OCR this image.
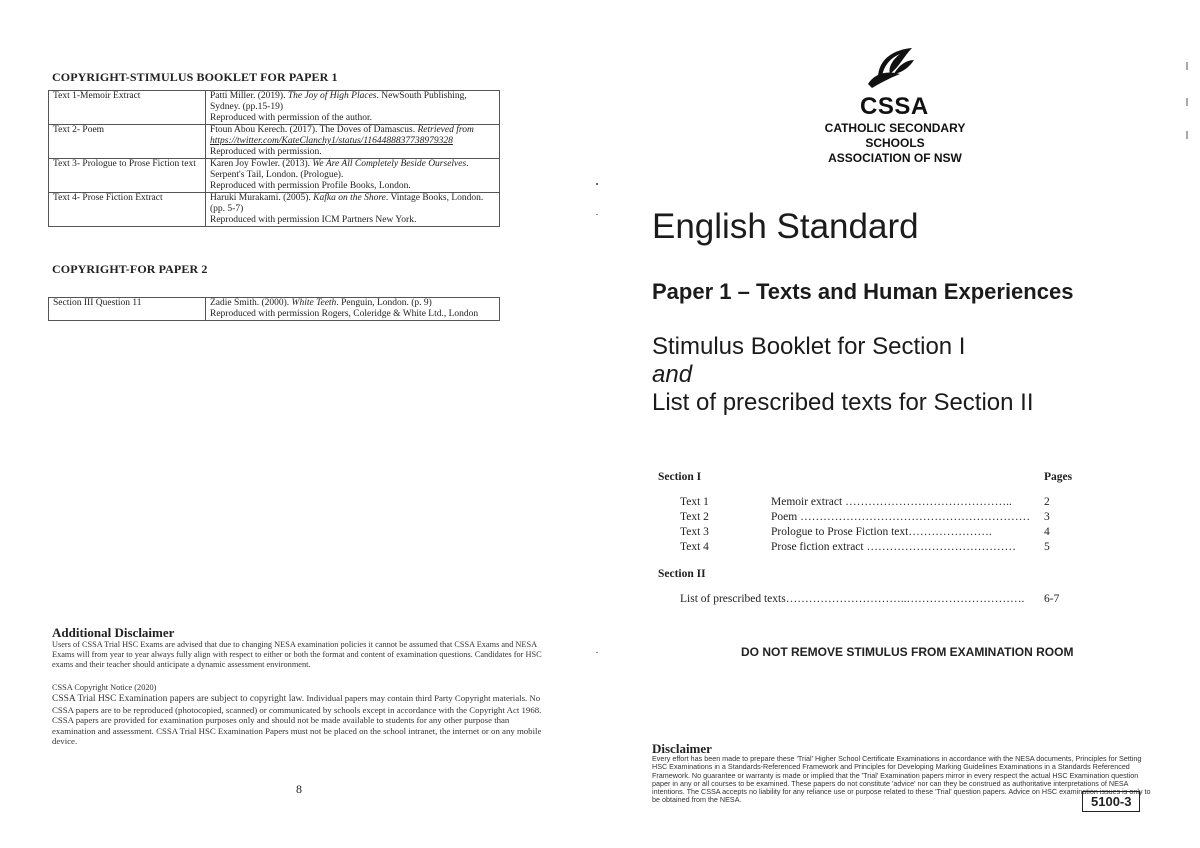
COPYRIGHT-STIMULUS BOOKLET FOR PAPER 1
Text 1-Memoir Extract	Patti Miller. (2019). The Joy of High Places. NewSouth Publishing, Sydney. (pp.15-19)
Reproduced with permission of the author.
Text 2- Poem	Ftoun Abou Kerech. (2017). The Doves of Damascus. Retrieved from
https://twitter.com/KateClanchy1/status/1164488837738979328
Reproduced with permission.
Text 3- Prologue to Prose Fiction text	Karen Joy Fowler. (2013). We Are All Completely Beside Ourselves. Serpent's Tail, London. (Prologue).
Reproduced with permission Profile Books, London.
Text 4- Prose Fiction Extract	Haruki Murakami. (2005). Kafka on the Shore. Vintage Books, London. (pp. 5-7)
Reproduced with permission ICM Partners New York.
COPYRIGHT-FOR PAPER 2
Section III Question 11	Zadie Smith. (2000). White Teeth. Penguin, London. (p. 9)
Reproduced with permission Rogers, Coleridge & White Ltd., London
Additional Disclaimer
Users of CSSA Trial HSC Exams are advised that due to changing NESA examination policies it cannot be assumed that CSSA Exams and NESA Exams will from year to year always fully align with respect to either or both the format and content of examination questions. Candidates for HSC exams and their teacher should anticipate a dynamic assessment environment.
CSSA Copyright Notice (2020)
CSSA Trial HSC Examination papers are subject to copyright law. Individual papers may contain third Party Copyright materials. No CSSA papers are to be reproduced (photocopied, scanned) or communicated by schools except in accordance with the Copyright Act 1968. CSSA papers are provided for examination purposes only and should not be made available to students for any other purpose than examination and assessment. CSSA Trial HSC Examination Papers must not be placed on the school intranet, the internet or on any mobile device.
8
CSSA
CATHOLIC SECONDARY SCHOOLS
ASSOCIATION OF NSW
English Standard
Paper 1 – Texts and Human Experiences
Stimulus Booklet for Section I
and
List of prescribed texts for Section II
Section I	Pages
Text 1	Memoir extract ……………………………………..	2
Text 2	Poem …………………………………………………… 3
Text 3	Prologue to Prose Fiction text………………….	4
Text 4	Prose fiction extract ………………………………… 5
Section II
List of prescribed texts…………………………..…………………………. 6-7
DO NOT REMOVE STIMULUS FROM EXAMINATION ROOM
Disclaimer
Every effort has been made to prepare these 'Trial' Higher School Certificate Examinations in accordance with the NESA documents, Principles for Setting HSC Examinations in a Standards-Referenced Framework and Principles for Developing Marking Guidelines Examinations in a Standards Referenced Framework. No guarantee or warranty is made or implied that the 'Trial' Examination papers mirror in every respect the actual HSC Examination question paper in any or all courses to be examined. These papers do not constitute 'advice' nor can they be construed as authoritative interpretations of NESA intentions. The CSSA accepts no liability for any reliance use or purpose related to these 'Trial' question papers. Advice on HSC examination issues is only to be obtained from the NESA.	5100-3
